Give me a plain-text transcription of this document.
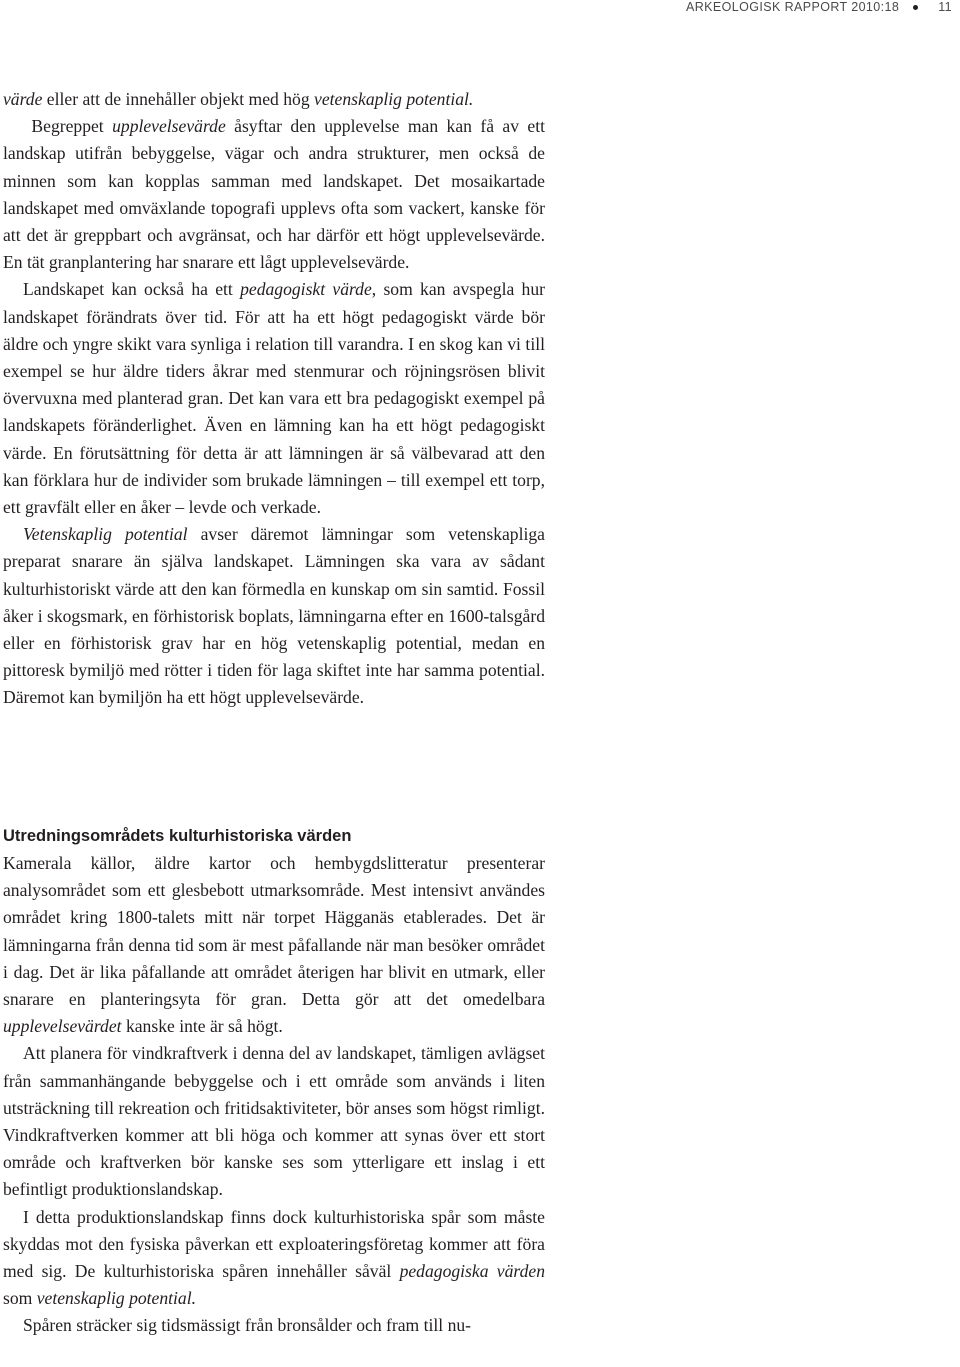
ARKEOLOGISK RAPPORT 2010:18	11

värde eller att de innehåller objekt med hög vetenskaplig potential.
Begreppet upplevelsevärde åsyftar den upplevelse man kan få av ett landskap utifrån bebyggelse, vägar och andra strukturer, men också de minnen som kan kopplas samman med landskapet. Det mosaikartade landskapet med omväxlande topografi upplevs ofta som vackert, kanske för att det är greppbart och avgränsat, och har därför ett högt upplevelsevärde. En tät granplantering har snarare ett lågt upplevelsevärde.

Landskapet kan också ha ett pedagogiskt värde, som kan avspegla hur landskapet förändrats över tid. För att ha ett högt pedagogiskt värde bör äldre och yngre skikt vara synliga i relation till varandra. I en skog kan vi till exempel se hur äldre tiders åkrar med stenmurar och röjningsrösen blivit övervuxna med planterad gran. Det kan vara ett bra pedagogiskt exempel på landskapets föränderlighet. Även en lämning kan ha ett högt pedagogiskt värde. En förutsättning för detta är att lämningen är så välbevarad att den kan förklara hur de individer som brukade lämningen – till exempel ett torp, ett gravfält eller en åker – levde och verkade.

Vetenskaplig potential avser däremot lämningar som vetenskapliga preparat snarare än själva landskapet. Lämningen ska vara av sådant kulturhistoriskt värde att den kan förmedla en kunskap om sin samtid. Fossil åker i skogsmark, en förhistorisk boplats, lämningarna efter en 1600-talsgård eller en förhistorisk grav har en hög vetenskaplig potential, medan en pittoresk bymiljö med rötter i tiden för laga skiftet inte har samma potential. Däremot kan bymiljön ha ett högt upplevelsevärde.

Utredningsområdets kulturhistoriska värden

Kamerala källor, äldre kartor och hembygdslitteratur presenterar analysområdet som ett glesbebott utmarksområde. Mest intensivt användes området kring 1800-talets mitt när torpet Hägganäs etablerades. Det är lämningarna från denna tid som är mest påfallande när man besöker området i dag. Det är lika påfallande att området återigen har blivit en utmark, eller snarare en planteringsyta för gran. Detta gör att det omedelbara upplevelsevärdet kanske inte är så högt.

Att planera för vindkraftverk i denna del av landskapet, tämligen avlägset från sammanhängande bebyggelse och i ett område som används i liten utsträckning till rekreation och fritidsaktiviteter, bör anses som högst rimligt. Vindkraftverken kommer att bli höga och kommer att synas över ett stort område och kraftverken bör kanske ses som ytterligare ett inslag i ett befintligt produktionslandskap.

I detta produktionslandskap finns dock kulturhistoriska spår som måste skyddas mot den fysiska påverkan ett exploateringsföretag kommer att föra med sig. De kulturhistoriska spåren innehåller såväl pedagogiska värden som vetenskaplig potential.

Spåren sträcker sig tidsmässigt från bronsålder och fram till nu-
